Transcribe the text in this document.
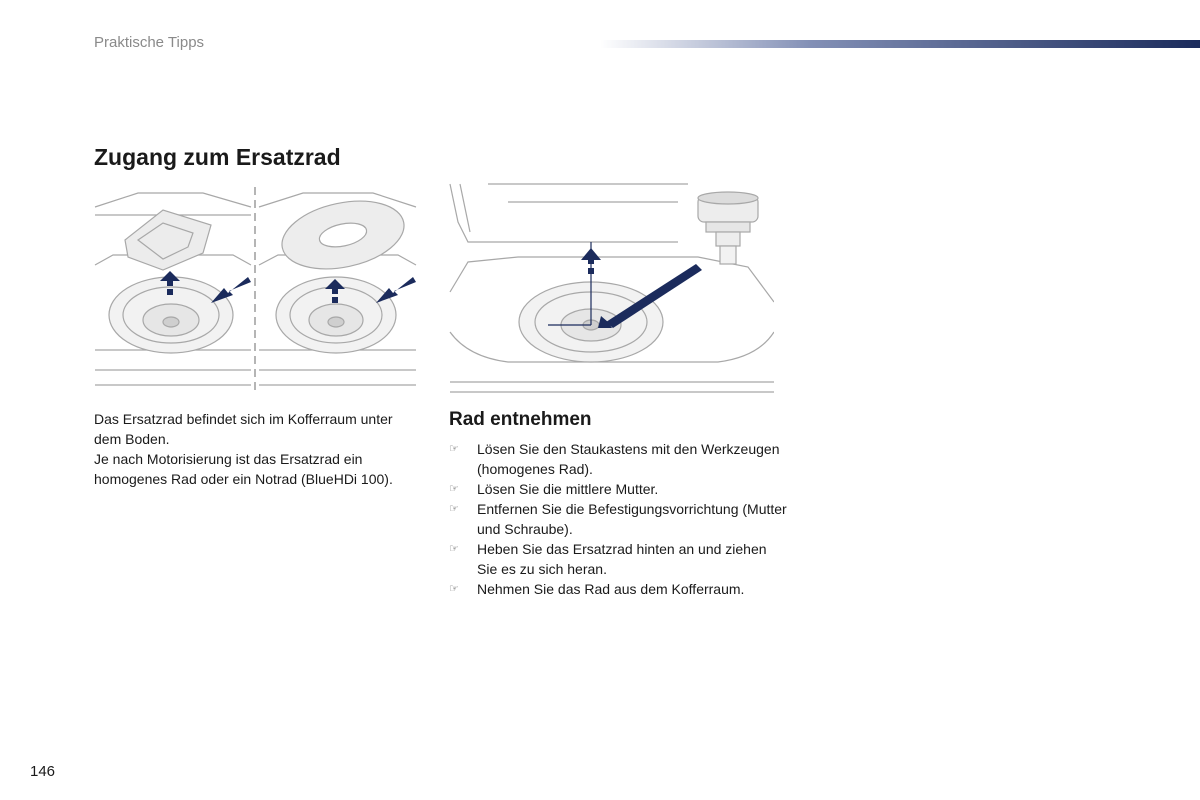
Praktische Tipps
Zugang zum Ersatzrad

Das Ersatzrad befindet sich im Kofferraum unter dem Boden.

Je nach Motorisierung ist das Ersatzrad ein homogenes Rad oder ein Notrad (BlueHDi 100).

Rad entnehmen
☞ Lösen Sie den Staukastens mit den Werkzeugen (homogenes Rad).
☞ Lösen Sie die mittlere Mutter.
☞ Entfernen Sie die Befestigungsvorrichtung (Mutter und Schraube).
☞ Heben Sie das Ersatzrad hinten an und ziehen Sie es zu sich heran.
☞ Nehmen Sie das Rad aus dem Kofferraum.
146
